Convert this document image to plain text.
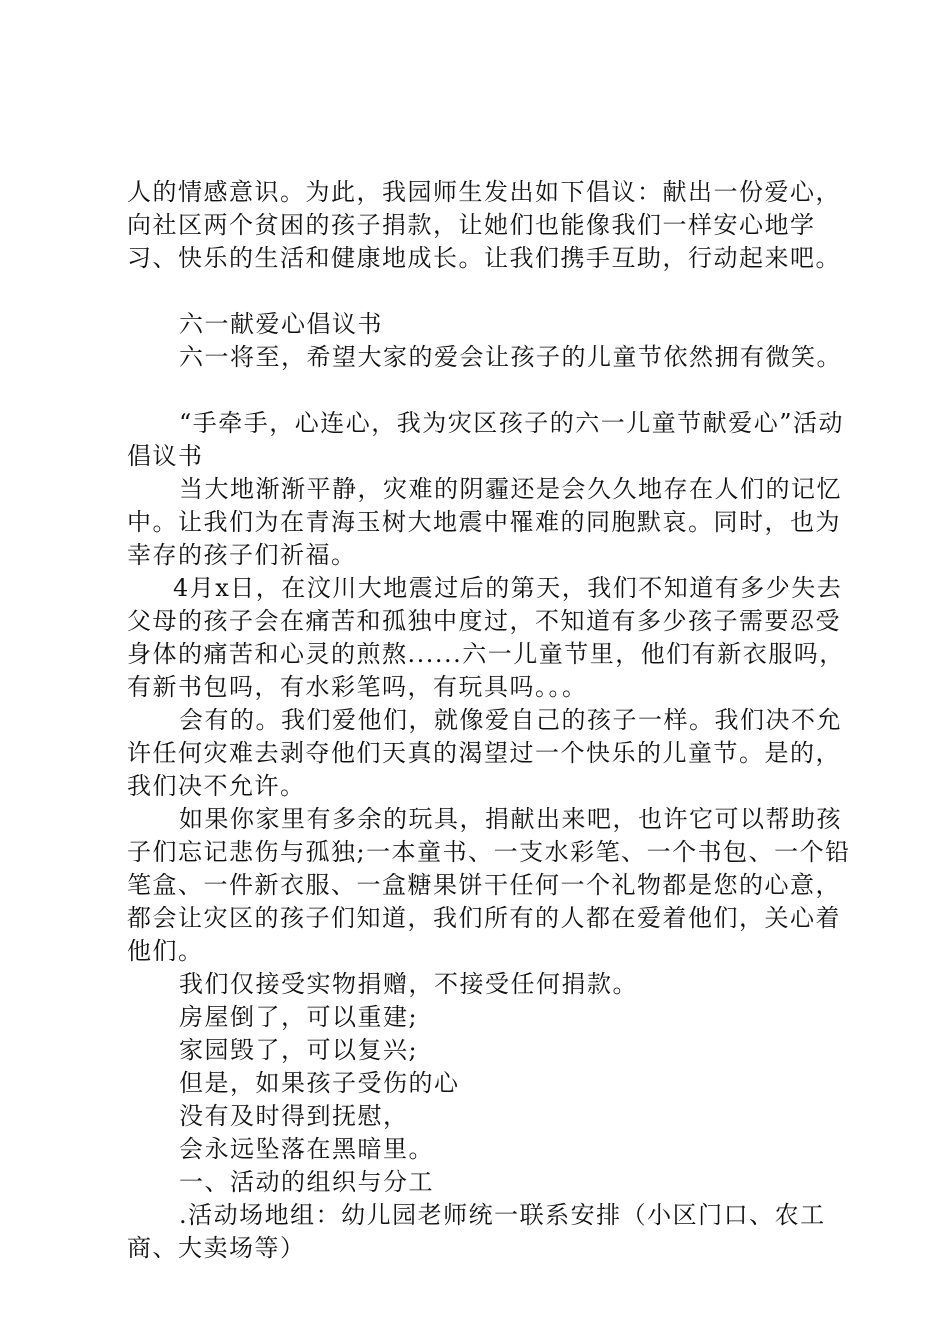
人的情感意识。为此，我园师生发出如下倡议：献出一份爱心，向社区两个贫困的孩子捐款，让她们也能像我们一样安心地学习、快乐的生活和健康地成长。让我们携手互助，行动起来吧。

六一献爱心倡议书

六一将至，希望大家的爱会让孩子的儿童节依然拥有微笑。

“手牵手，心连心，我为灾区孩子的六一儿童节献爱心”活动倡议书

当大地渐渐平静，灾难的阴霾还是会久久地存在人们的记忆中。让我们为在青海玉树大地震中罹难的同胞默哀。同时，也为幸存的孩子们祈福。

4月x日，在汶川大地震过后的第天，我们不知道有多少失去父母的孩子会在痛苦和孤独中度过，不知道有多少孩子需要忍受身体的痛苦和心灵的煎熬......六一儿童节里，他们有新衣服吗，有新书包吗，有水彩笔吗，有玩具吗。。。

会有的。我们爱他们，就像爱自己的孩子一样。我们决不允许任何灾难去剥夺他们天真的渴望过一个快乐的儿童节。是的，我们决不允许。

如果你家里有多余的玩具，捐献出来吧，也许它可以帮助孩子们忘记悲伤与孤独;一本童书、一支水彩笔、一个书包、一个铅笔盒、一件新衣服、一盒糖果饼干任何一个礼物都是您的心意，都会让灾区的孩子们知道，我们所有的人都在爱着他们，关心着他们。

我们仅接受实物捐赠，不接受任何捐款。

房屋倒了，可以重建;

家园毁了，可以复兴;

但是，如果孩子受伤的心

没有及时得到抚慰，

会永远坠落在黑暗里。

一、活动的组织与分工

.活动场地组：幼儿园老师统一联系安排（小区门口、农工商、大卖场等）
